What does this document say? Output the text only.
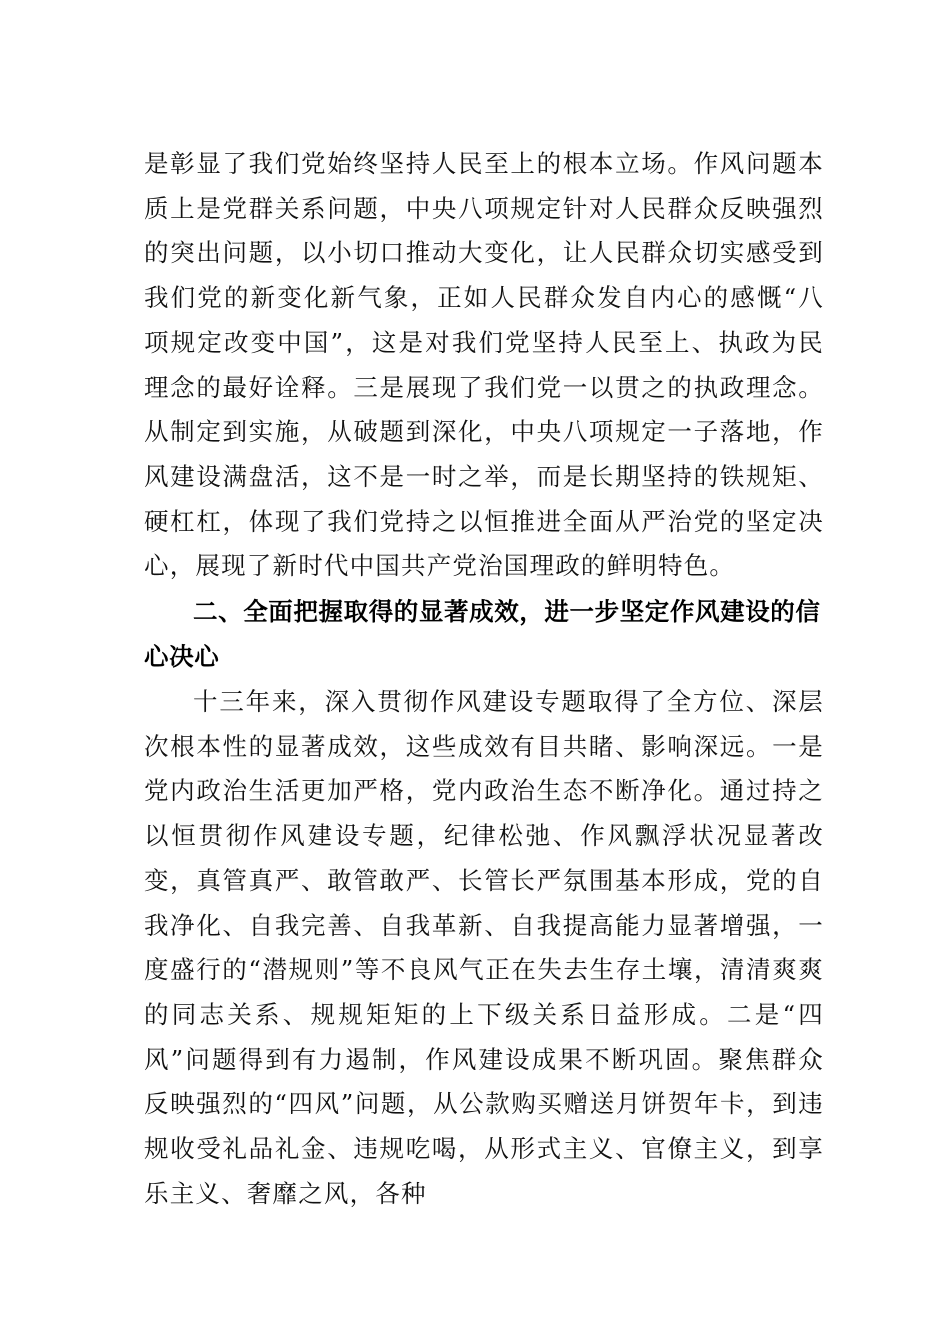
是彰显了我们党始终坚持人民至上的根本立场。作风问题本质上是党群关系问题，中央八项规定针对人民群众反映强烈的突出问题，以小切口推动大变化，让人民群众切实感受到我们党的新变化新气象，正如人民群众发自内心的感慨“八项规定改变中国”，这是对我们党坚持人民至上、执政为民理念的最好诠释。三是展现了我们党一以贯之的执政理念。从制定到实施，从破题到深化，中央八项规定一子落地，作风建设满盘活，这不是一时之举，而是长期坚持的铁规矩、硬杠杠，体现了我们党持之以恒推进全面从严治党的坚定决心，展现了新时代中国共产党治国理政的鲜明特色。

二、全面把握取得的显著成效，进一步坚定作风建设的信心决心

十三年来，深入贯彻作风建设专题取得了全方位、深层次根本性的显著成效，这些成效有目共睹、影响深远。一是党内政治生活更加严格，党内政治生态不断净化。通过持之以恒贯彻作风建设专题，纪律松弛、作风飘浮状况显著改变，真管真严、敢管敢严、长管长严氛围基本形成，党的自我净化、自我完善、自我革新、自我提高能力显著增强，一度盛行的“潜规则”等不良风气正在失去生存土壤，清清爽爽的同志关系、规规矩矩的上下级关系日益形成。二是“四风”问题得到有力遏制，作风建设成果不断巩固。聚焦群众反映强烈的“四风”问题，从公款购买赠送月饼贺年卡，到违规收受礼品礼金、违规吃喝，从形式主义、官僚主义，到享乐主义、奢靡之风，各种
